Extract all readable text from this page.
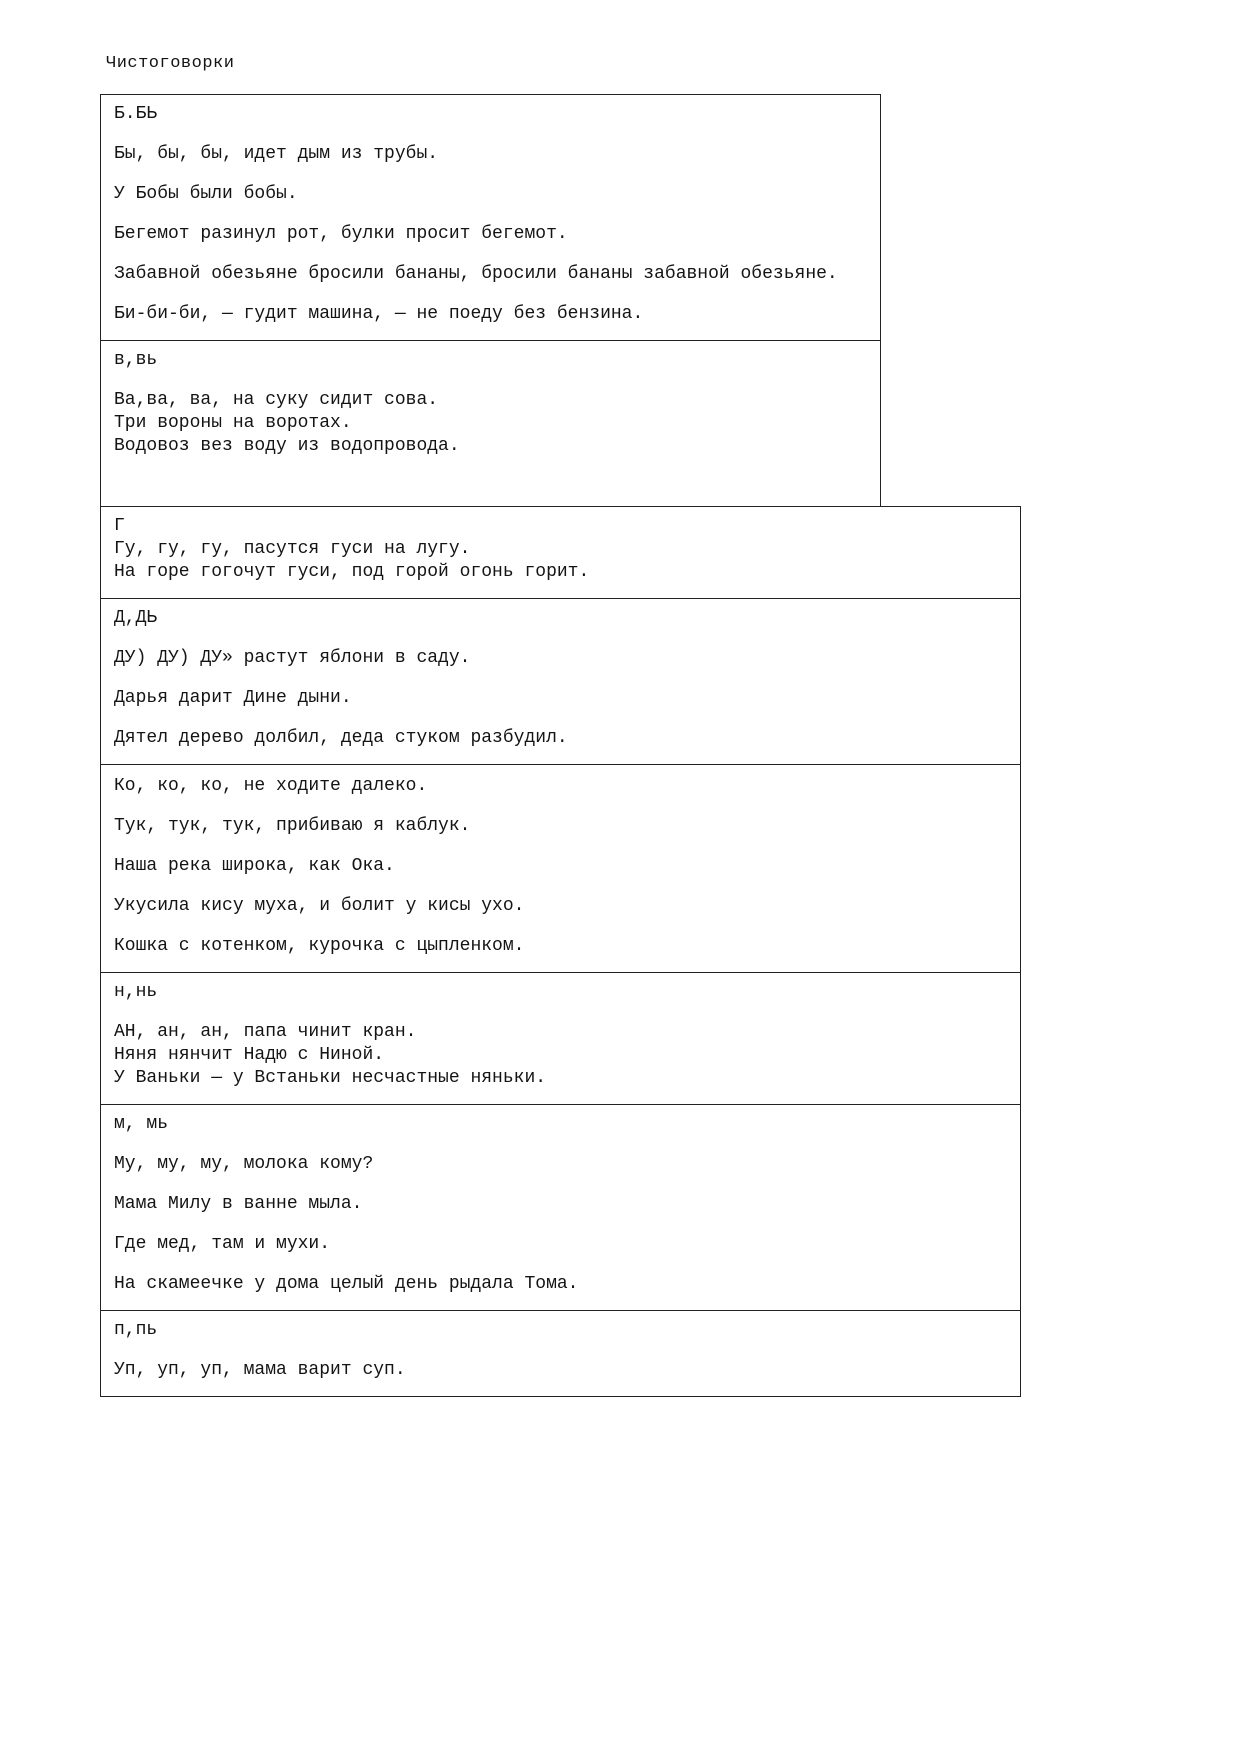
Чистоговорки
Б.БЬ
Бы, бы, бы, идет дым из трубы.
У Бобы были бобы.
Бегемот разинул рот, булки просит бегемот.
Забавной обезьяне бросили бананы, бросили бананы забавной обезьяне.
Би-би-би, — гудит машина, — не поеду без бензина.
в,вь
Ва,ва, ва, на суку сидит сова.
Три вороны на воротах.
Водовоз вез воду из водопровода.
Г
Гу, гу, гу, пасутся гуси на лугу.
На горе гогочут гуси, под горой огонь горит.
Д,ДЬ
ДУ) ДУ) ДУ» растут яблони в саду.
Дарья дарит Дине дыни.
Дятел дерево долбил, деда стуком разбудил.
Ко, ко, ко, не ходите далеко.
Тук, тук, тук, прибиваю я каблук.
Наша река широка, как Ока.
Укусила кису муха, и болит у кисы ухо.
Кошка с котенком, курочка с цыпленком.
н,нь
АН, ан, ан, папа чинит кран.
Няня нянчит Надю с Ниной.
У Ваньки — у Встаньки несчастные няньки.
м, мь
Му, му, му, молока кому?
Мама Милу в ванне мыла.
Где мед, там и мухи.
На скамеечке у дома целый день рыдала Тома.
п,пь
Уп, уп, уп, мама варит суп.
